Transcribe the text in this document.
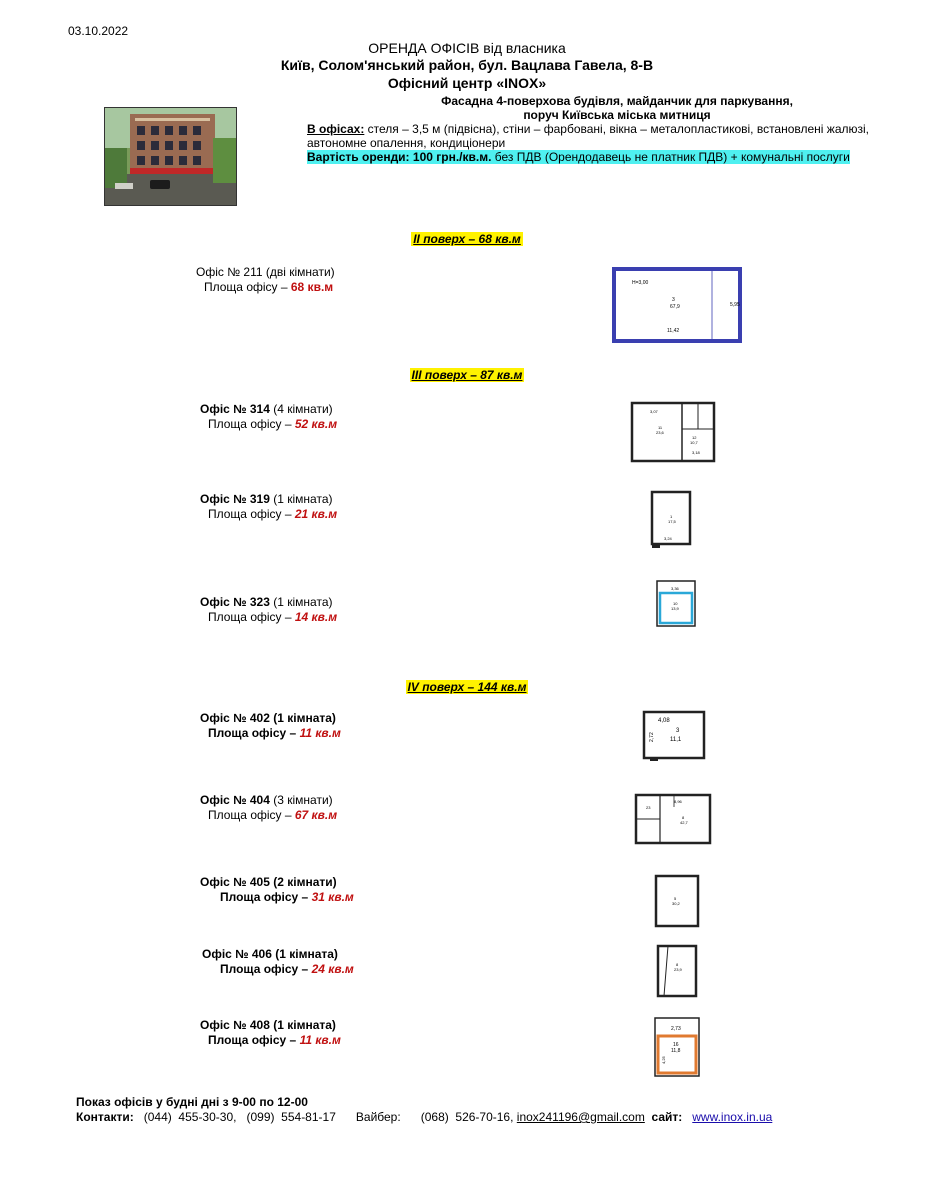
03.10.2022
ОРЕНДА ОФІСІВ від власника
Київ, Солом'янський район, бул. Вацлава Гавела, 8-В
Офісний центр «INOX»
Фасадна 4-поверхова будівля, майданчик для паркування,
поруч Київська міська митниця
В офісах: стеля – 3,5 м (підвісна), стіни – фарбовані, вікна – металопластикові, встановлені жалюзі, автономне опалення, кондиціонери
Вартість оренди: 100 грн./кв.м. без ПДВ (Орендодавець не платник ПДВ) + комунальні послуги
II поверх – 68 кв.м
Офіс № 211 (дві кімнати)
Площа офісу – 68 кв.м	Н=3,00
3
67,9
11,42
5,95
III поверх – 87 кв.м
Офіс № 314 (4 кімнати)
Площа офісу – 52 кв.м
3,07
11
23,6
12
10,7
3,18
Офіс № 319 (1 кімната)
Площа офісу – 21 кв.м	1
17,5
3,24
Офіс № 323 (1 кімната)
Площа офісу – 14 кв.м
3,36
10
13,9
IV поверх – 144 кв.м
Офіс № 402 (1 кімната)
Площа офісу – 11 кв.м
4,08
3
11,1
2,72
Офіс № 404 (3 кімнати)
Площа офісу – 67 кв.м
8,96
23
8
42,7
Офіс № 405 (2 кімнати)
Площа офісу – 31 кв.м	5
30,2
Офіс № 406 (1 кімната)
Площа офісу – 24 кв.м	8
23,9
Офіс № 408 (1 кімната)
Площа офісу – 11 кв.м
2,73
16
11,8
4,25
Показ офісів у будні дні з 9-00 по 12-00
Контакти: (044)  455-30-30, (099)  554-81-17 Вайбер: (068)  526-70-16, inox241196@gmail.com сайт: www.inox.in.ua
